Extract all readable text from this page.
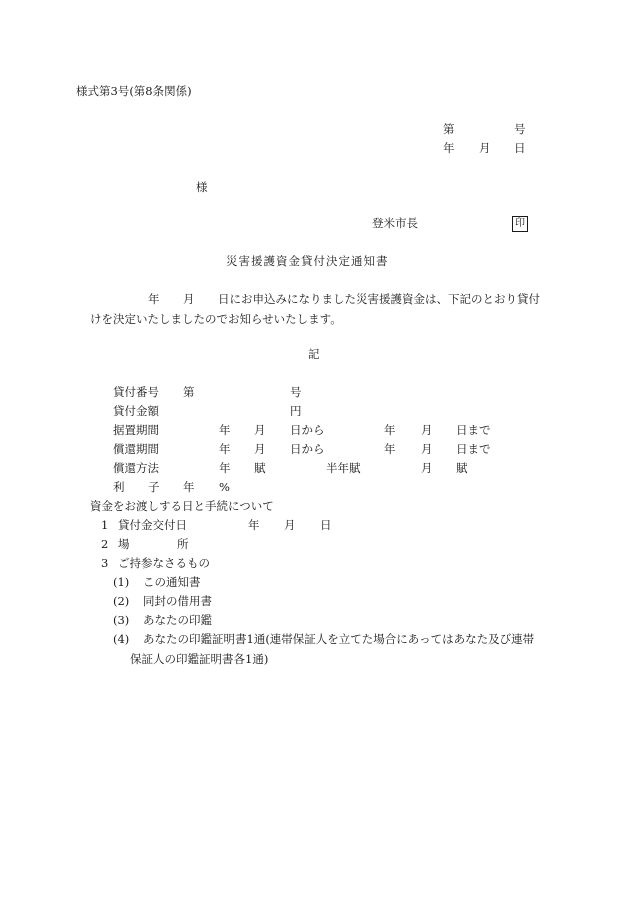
様式第3号(第8条関係)
第	号
年 月 日
様
登米市長	印
災害援護資金貸付決定通知書
年 月 日にお申込みになりました災害援護資金は、下記のとおり貸付
けを決定いたしましたのでお知らせいたします。
記
貸付番号 第	号
貸付金額	円
据置期間	年 月 日から	年 月 日まで
償還期間	年 月 日から	年 月 日まで
償還方法	年 賦	半年賦	月 賦
利 子 年 %
資金をお渡しする日と手続について
1 貸付金交付日	年 月 日
2 場	所
3 ご持参なさるもの
(1) この通知書
(2) 同封の借用書
(3) あなたの印鑑
(4) あなたの印鑑証明書1通(連帯保証人を立てた場合にあってはあなた及び連帯
保証人の印鑑証明書各1通)
